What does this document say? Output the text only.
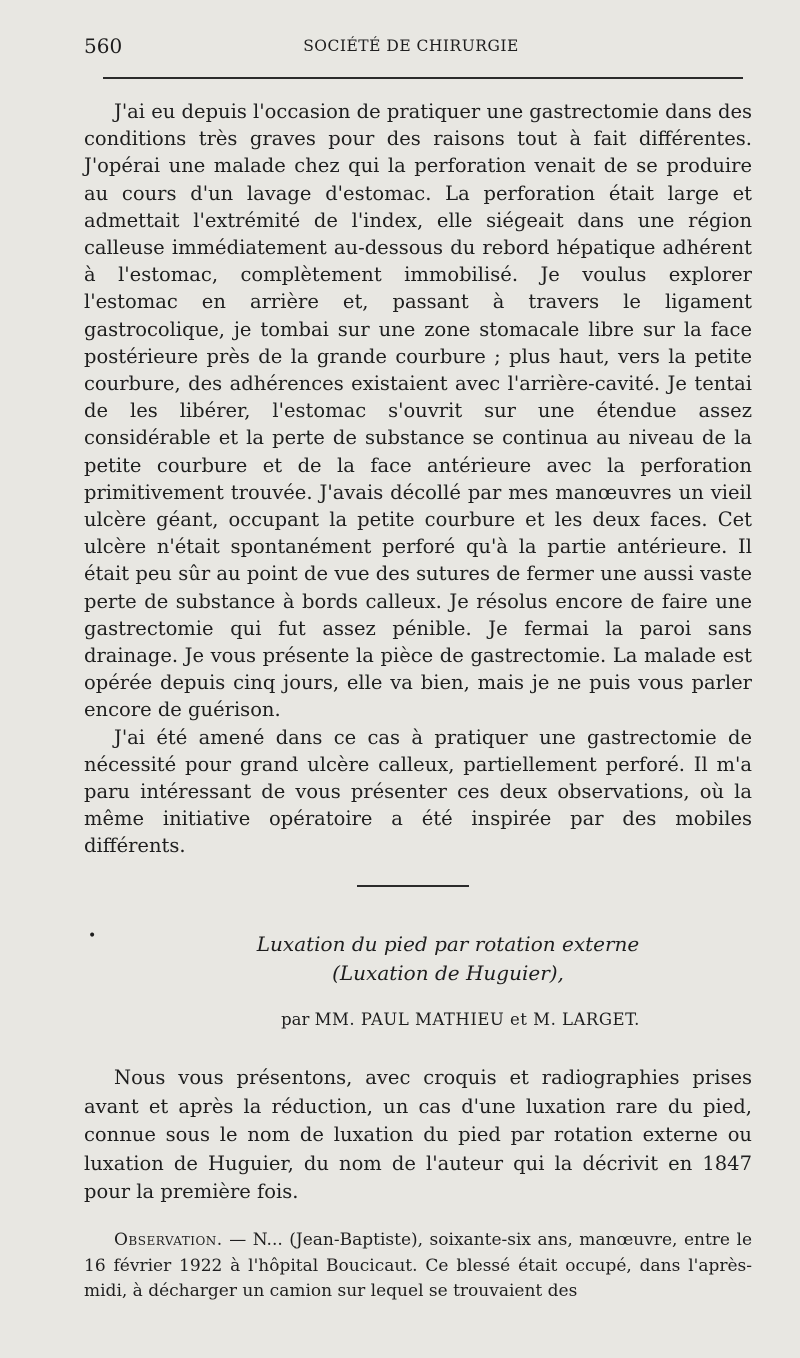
560	SOCIÉTÉ DE CHIRURGIE

J'ai eu depuis l'occasion de pratiquer une gastrectomie dans des conditions très graves pour des raisons tout à fait différentes. J'opérai une malade chez qui la perforation venait de se produire au cours d'un lavage d'estomac. La perforation était large et admettait l'extrémité de l'index, elle siégeait dans une région calleuse immédiatement au-dessous du rebord hépatique adhérent à l'estomac, complètement immobilisé. Je voulus explorer l'estomac en arrière et, passant à travers le ligament gastrocolique, je tombai sur une zone stomacale libre sur la face postérieure près de la grande courbure ; plus haut, vers la petite courbure, des adhérences existaient avec l'arrière-cavité. Je tentai de les libérer, l'estomac s'ouvrit sur une étendue assez considérable et la perte de substance se continua au niveau de la petite courbure et de la face antérieure avec la perforation primitivement trouvée. J'avais décollé par mes manœuvres un vieil ulcère géant, occupant la petite courbure et les deux faces. Cet ulcère n'était spontanément perforé qu'à la partie antérieure. Il était peu sûr au point de vue des sutures de fermer une aussi vaste perte de substance à bords calleux. Je résolus encore de faire une gastrectomie qui fut assez pénible. Je fermai la paroi sans drainage. Je vous présente la pièce de gastrectomie. La malade est opérée depuis cinq jours, elle va bien, mais je ne puis vous parler encore de guérison.

J'ai été amené dans ce cas à pratiquer une gastrectomie de nécessité pour grand ulcère calleux, partiellement perforé. Il m'a paru intéressant de vous présenter ces deux observations, où la même initiative opératoire a été inspirée par des mobiles différents.

•	Luxation du pied par rotation externe
(Luxation de Huguier),
par MM. PAUL MATHIEU et M. LARGET.

Nous vous présentons, avec croquis et radiographies prises avant et après la réduction, un cas d'une luxation rare du pied, connue sous le nom de luxation du pied par rotation externe ou luxation de Huguier, du nom de l'auteur qui la décrivit en 1847 pour la première fois.

Observation. — N... (Jean-Baptiste), soixante-six ans, manœuvre, entre le 16 février 1922 à l'hôpital Boucicaut. Ce blessé était occupé, dans l'après-midi, à décharger un camion sur lequel se trouvaient des
